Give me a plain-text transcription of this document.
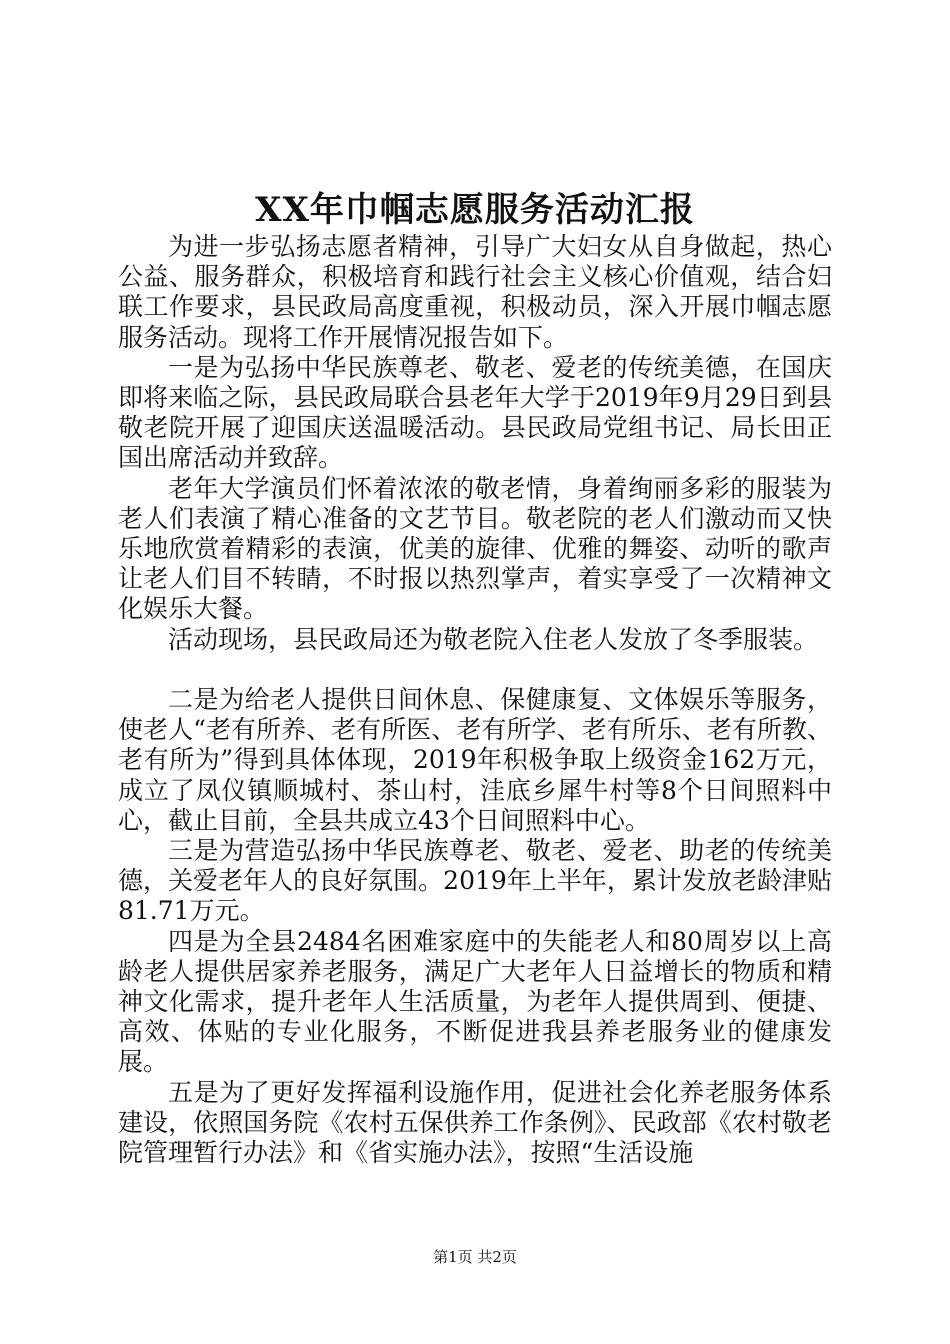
XX年巾帼志愿服务活动汇报

为进一步弘扬志愿者精神，引导广大妇女从自身做起，热心公益、服务群众，积极培育和践行社会主义核心价值观，结合妇联工作要求，县民政局高度重视，积极动员，深入开展巾帼志愿服务活动。现将工作开展情况报告如下。

一是为弘扬中华民族尊老、敬老、爱老的传统美德，在国庆即将来临之际，县民政局联合县老年大学于2019年9月29日到县敬老院开展了迎国庆送温暖活动。县民政局党组书记、局长田正国出席活动并致辞。

老年大学演员们怀着浓浓的敬老情，身着绚丽多彩的服装为老人们表演了精心准备的文艺节目。敬老院的老人们激动而又快乐地欣赏着精彩的表演，优美的旋律、优雅的舞姿、动听的歌声让老人们目不转睛，不时报以热烈掌声，着实享受了一次精神文化娱乐大餐。

活动现场，县民政局还为敬老院入住老人发放了冬季服装。

二是为给老人提供日间休息、保健康复、文体娱乐等服务，使老人“老有所养、老有所医、老有所学、老有所乐、老有所教、老有所为”得到具体体现，2019年积极争取上级资金162万元，成立了凤仪镇顺城村、茶山村，洼底乡犀牛村等8个日间照料中心，截止目前，全县共成立43个日间照料中心。

三是为营造弘扬中华民族尊老、敬老、爱老、助老的传统美德，关爱老年人的良好氛围。2019年上半年，累计发放老龄津贴81.71万元。

四是为全县2484名困难家庭中的失能老人和80周岁以上高龄老人提供居家养老服务，满足广大老年人日益增长的物质和精神文化需求，提升老年人生活质量，为老年人提供周到、便捷、高效、体贴的专业化服务，不断促进我县养老服务业的健康发展。

五是为了更好发挥福利设施作用，促进社会化养老服务体系建设，依照国务院《农村五保供养工作条例》、民政部《农村敬老院管理暂行办法》和《省实施办法》，按照“生活设施

第1页 共2页
